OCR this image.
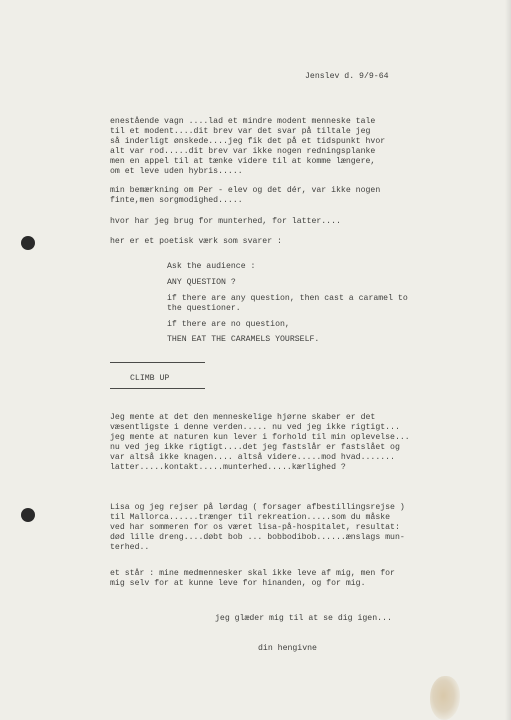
Jenslev d. 9/9-64

enestående vagn ....lad et mindre modent menneske tale

til et modent....dit brev var det svar på tiltale jeg

så inderligt ønskede....jeg fik det på et tidspunkt hvor

alt var rod.....dit brev var ikke nogen redningsplanke

men en appel til at tænke videre til at komme længere,

om et leve uden hybris.....

min bemærkning om Per - elev og det dér, var ikke nogen

finte,men sorgmodighed.....

hvor har jeg brug for munterhed, for latter....

her er et poetisk værk som svarer :

Ask the audience :

ANY QUESTION ?

if there are any question, then cast a caramel to

the questioner.

if there are no question,

THEN EAT THE CARAMELS YOURSELF.

CLIMB UP

Jeg mente at det den menneskelige hjørne skaber er det

væsentligste i denne verden..... nu ved jeg ikke rigtigt...

jeg mente at naturen kun lever i forhold til min oplevelse...

nu ved jeg ikke rigtigt....det jeg fastslår er fastslået og

var altså ikke knagen.... altså videre.....mod hvad.......

latter.....kontakt.....munterhed.....kærlighed ?

Lisa og jeg rejser på lørdag ( forsager afbestillingsrejse )

til Mallorca......trænger til rekreation.....som du måske

ved har sommeren for os været lisa-på-hospitalet, resultat:

død lille dreng....døbt bob ... bobbodibob......ænslags mun-

terhed..

et står : mine medmennesker skal ikke leve af mig, men for

mig selv for at kunne leve for hinanden, og for mig.

jeg glæder mig til at se dig igen...

din hengivne
